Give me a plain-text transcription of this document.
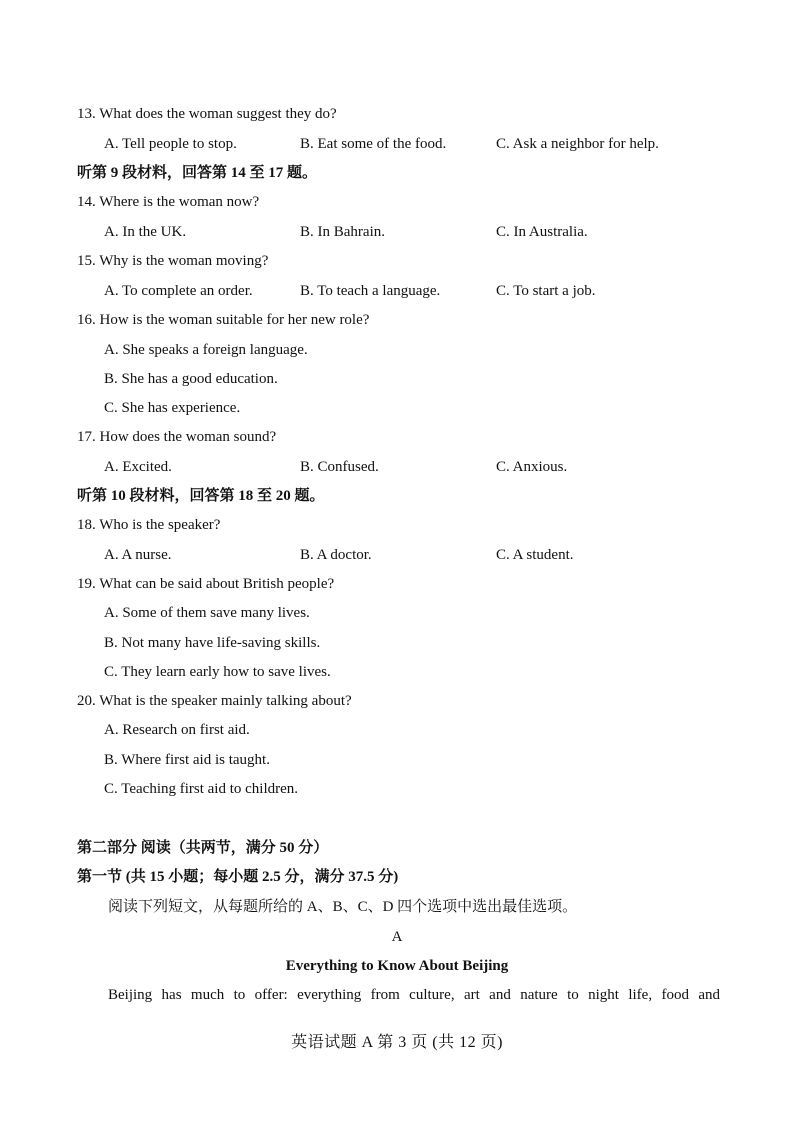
13. What does the woman suggest they do?
A. Tell people to stop.	B. Eat some of the food.	C. Ask a neighbor for help.
听第 9 段材料，回答第 14 至 17 题。
14. Where is the woman now?
A. In the UK.	B. In Bahrain.	C. In Australia.
15. Why is the woman moving?
A. To complete an order.	B. To teach a language.	C. To start a job.
16. How is the woman suitable for her new role?
A. She speaks a foreign language.
B. She has a good education.
C. She has experience.
17. How does the woman sound?
A. Excited.	B. Confused.	C. Anxious.
听第 10 段材料，回答第 18 至 20 题。
18. Who is the speaker?
A. A nurse.	B. A doctor.	C. A student.
19. What can be said about British people?
A. Some of them save many lives.
B. Not many have life-saving skills.
C. They learn early how to save lives.
20. What is the speaker mainly talking about?
A. Research on first aid.
B. Where first aid is taught.
C. Teaching first aid to children.
第二部分 阅读（共两节，满分 50 分）
第一节 (共 15 小题；每小题 2.5 分，满分 37.5 分)
阅读下列短文，从每题所给的 A、B、C、D 四个选项中选出最佳选项。
A
Everything to Know About Beijing
Beijing has much to offer: everything from culture, art and nature to night life, food and
英语试题 A 第 3 页 (共 12 页)
